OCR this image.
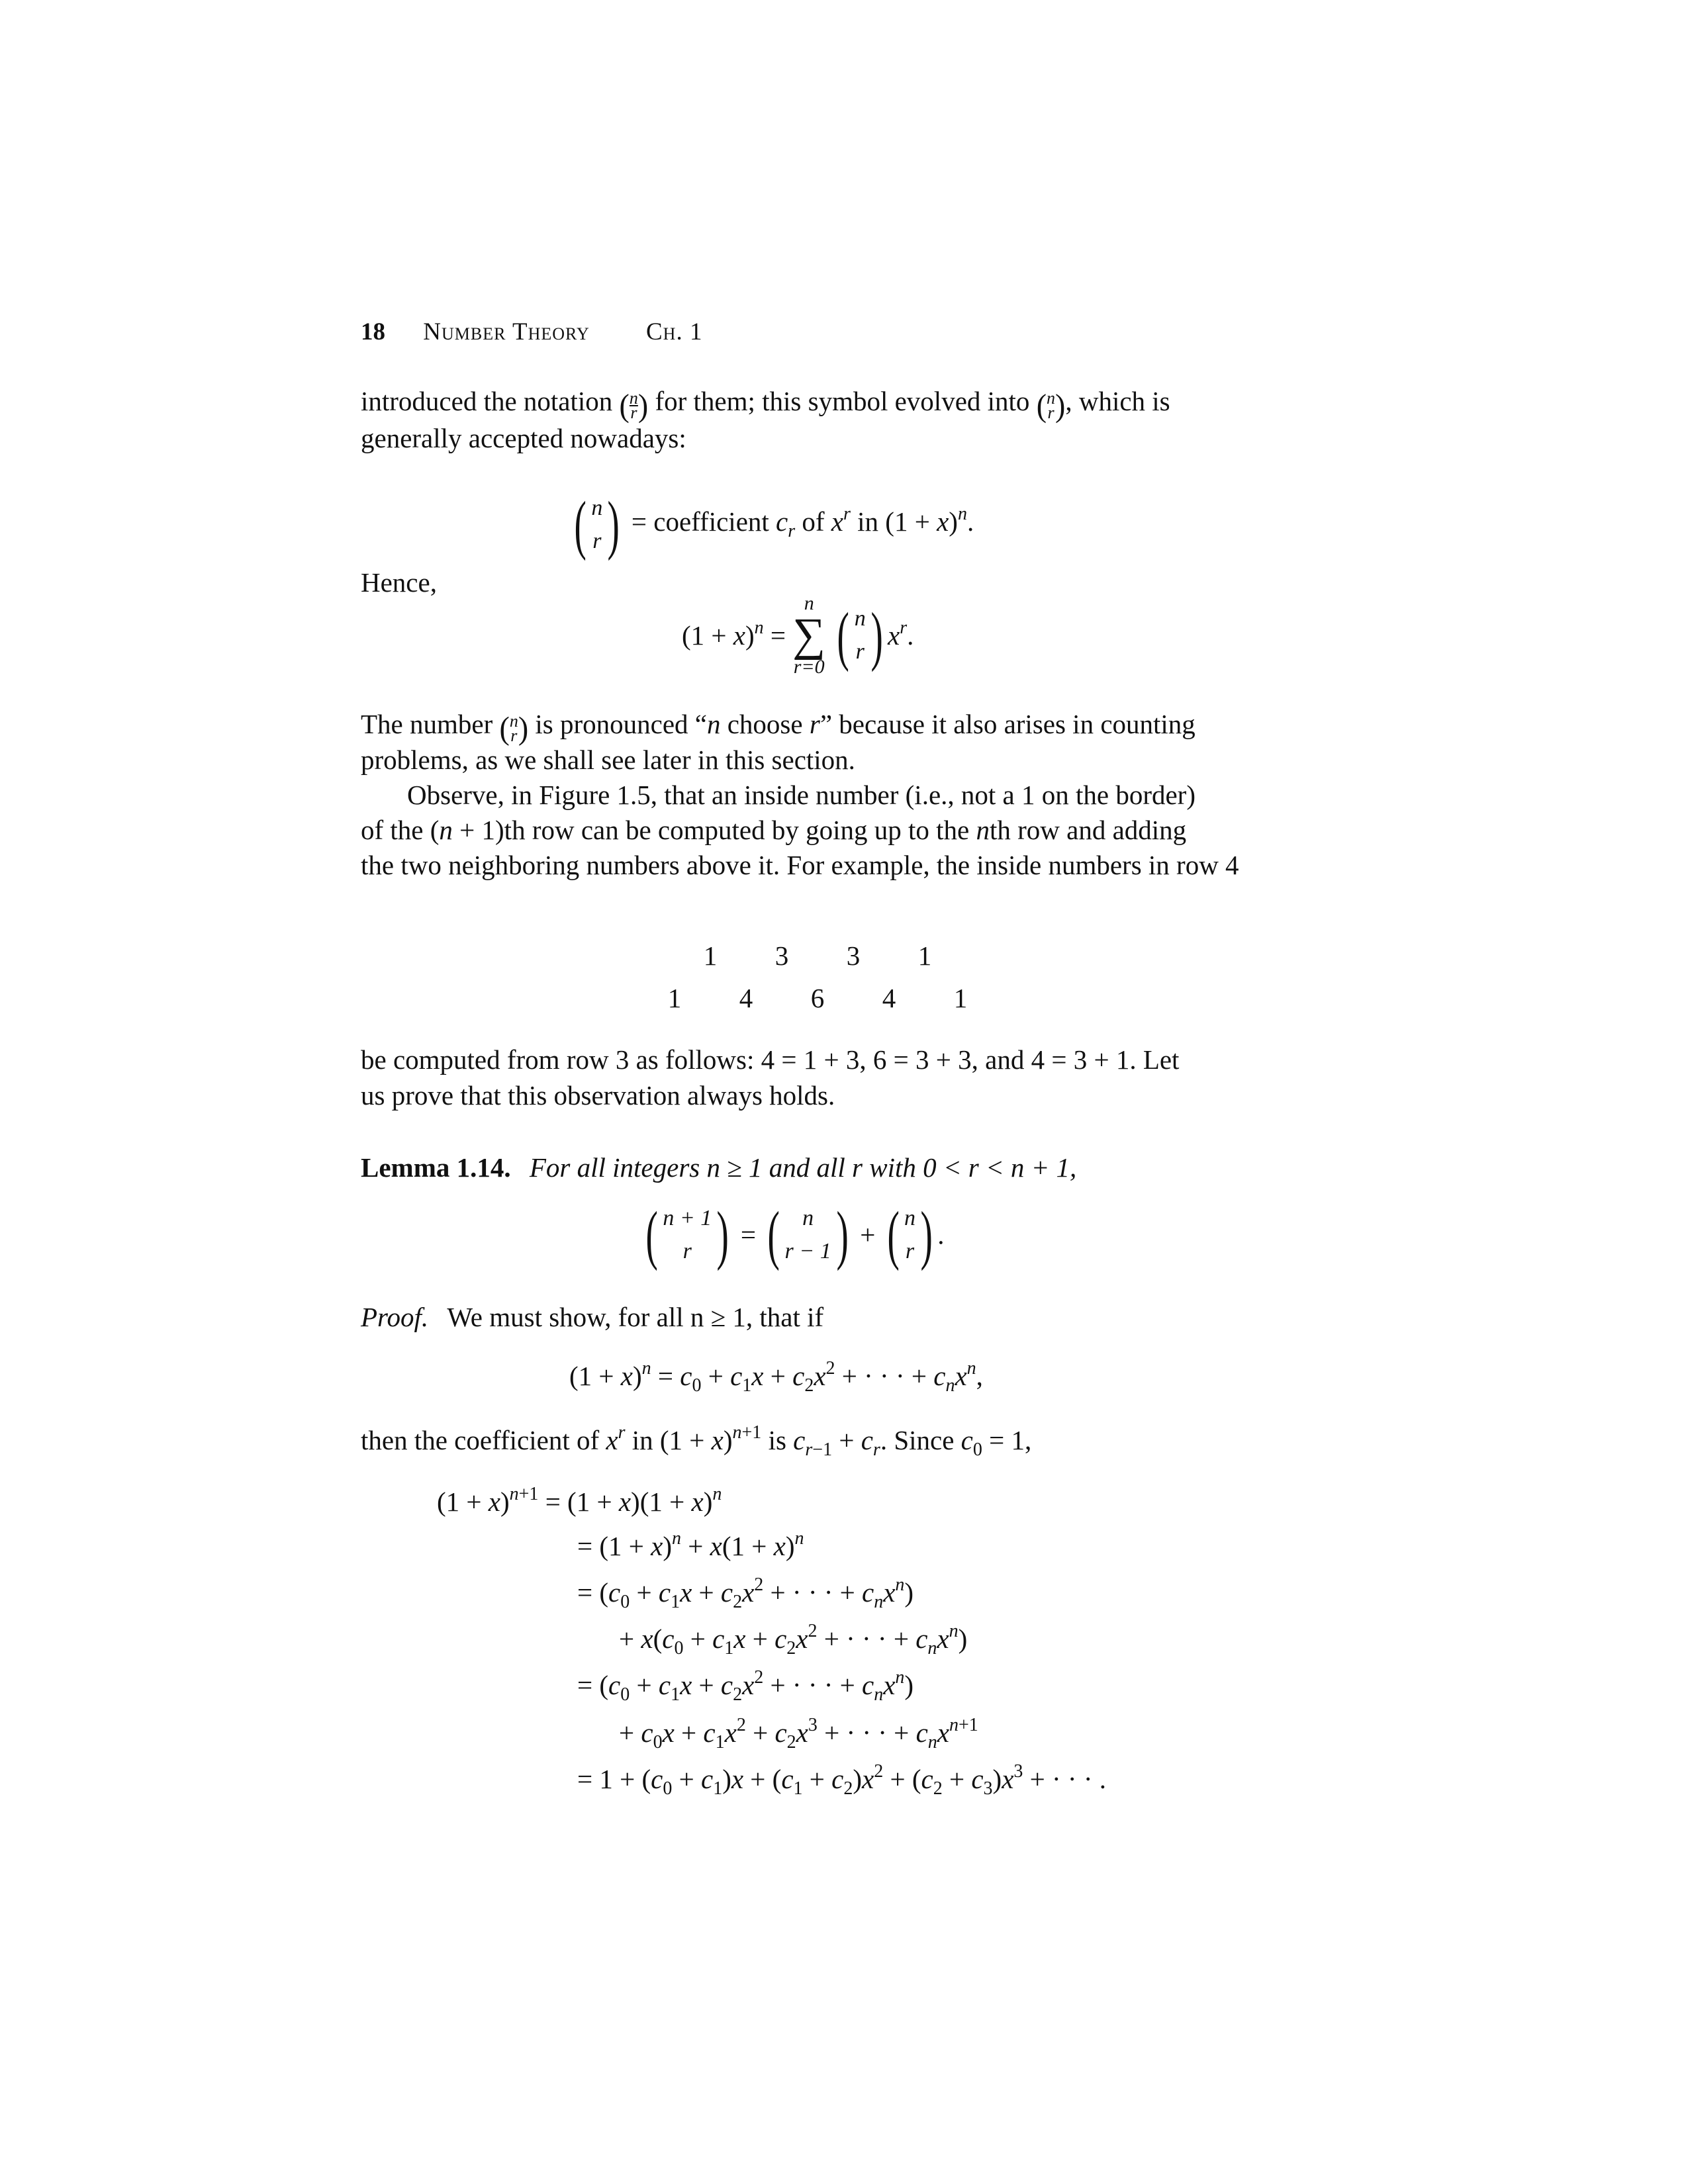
18 Number Theory Ch. 1
introduced the notation ( $\frac{n}{r}$ ) for them; this symbol evolved into ( n
r ), which is
generally accepted nowadays:
( n
r ) = coefficient $c_r$ of $x^r$ in $(1 + x)^n$.
Hence,
$(1 + x)^n$ =
n
∑
r=0 ( n
r ) $x^r$.
The number ( n
r ) is pronounced “n choose r” because it also arises in counting
problems, as we shall see later in this section.
Observe, in Figure 1.5, that an inside number (i.e., not a 1 on the border)
of the (n + 1)th row can be computed by going up to the nth row and adding
the two neighboring numbers above it. For example, the inside numbers in row 4
1 3 3 1
1 4 6 4 1
be computed from row 3 as follows: 4 = 1 + 3, 6 = 3 + 3, and 4 = 3 + 1. Let
us prove that this observation always holds.
Lemma 1.14. For all integers n ≥ 1 and all r with 0 < r < n + 1,
( n + 1
r ) = (	n
r − 1 ) + ( n
r ) .
Proof. We must show, for all n ≥ 1, that if
$(1 + x)^n = c_0 + c_1x + c_2x^2$ + · · · + $c_nx^n$,
then the coefficient of $x^r$ in $(1 + x)^{n+1}$ is $c_{r-1} + c_r$. Since $c_0 = 1$,
$(1 + x)^{n+1} = (1 + x)(1 + x)^n$
= $(1 + x)^n + x(1 + x)^n$
= ($c_0 + c_1x + c_2x^2$ + · · · + $c_nx^n$)
+ $x(c_0 + c_1x + c_2x^2$ + · · · + $c_nx^n$)
= ($c_0 + c_1x + c_2x^2$ + · · · + $c_nx^n$)
+ $c_0x + c_1x^2 + c_2x^3$ + · · · + $c_nx^{n+1}$
= $1 + (c_0 + c_1)x + (c_1 + c_2)x^2 + (c_2 + c_3)x^3$ + · · · .
